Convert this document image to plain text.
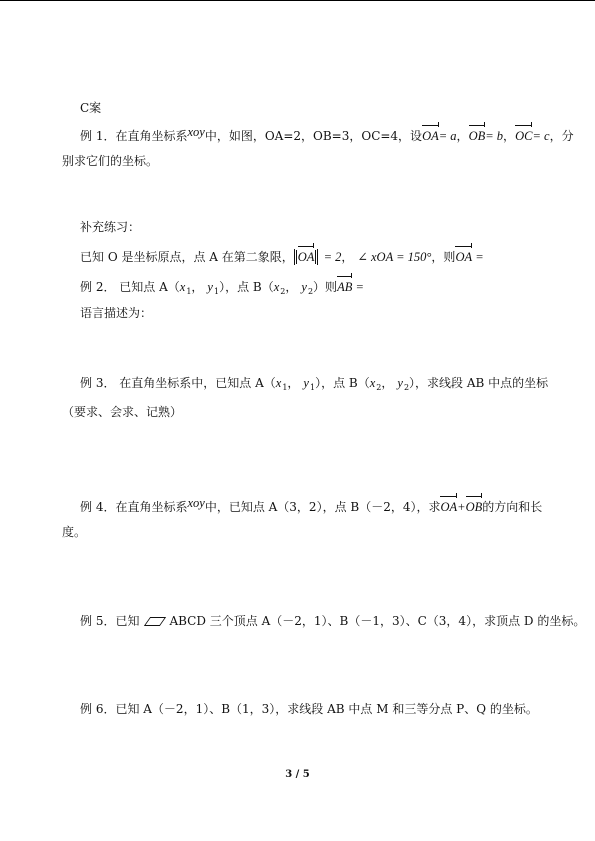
C案
例 1．在直角坐标系xoy中，如图，OA=2，OB=3，OC=4，设OA= a，OB= b，OC= c，分
别求它们的坐标。
补充练习：
已知 O 是坐标原点，点 A 在第二象限， OA = 2， ∠ xOA = 150°，则OA =
例 2． 已知点 $A(x_1$， $y_1$），点 $B(x_2$， $y_2$）则AB =
语言描述为：
例 3． 在直角坐标系中，已知点 $A(x_1$， $y_1$），点 $B(x_2$， $y_2$），求线段 AB 中点的坐标
（要求、会求、记熟）
例 4．在直角坐标系xoy中，已知点 A（3，2），点 B（－2，4），求OA+OB的方向和长
度。
例 5．已知	ABCD 三个顶点 A（－2，1）、B（－1，3）、C（3，4），求顶点 D 的坐标。
例 6．已知 A（－2，1）、B（1，3），求线段 AB 中点 M 和三等分点 P、Q 的坐标。
3 / 5
